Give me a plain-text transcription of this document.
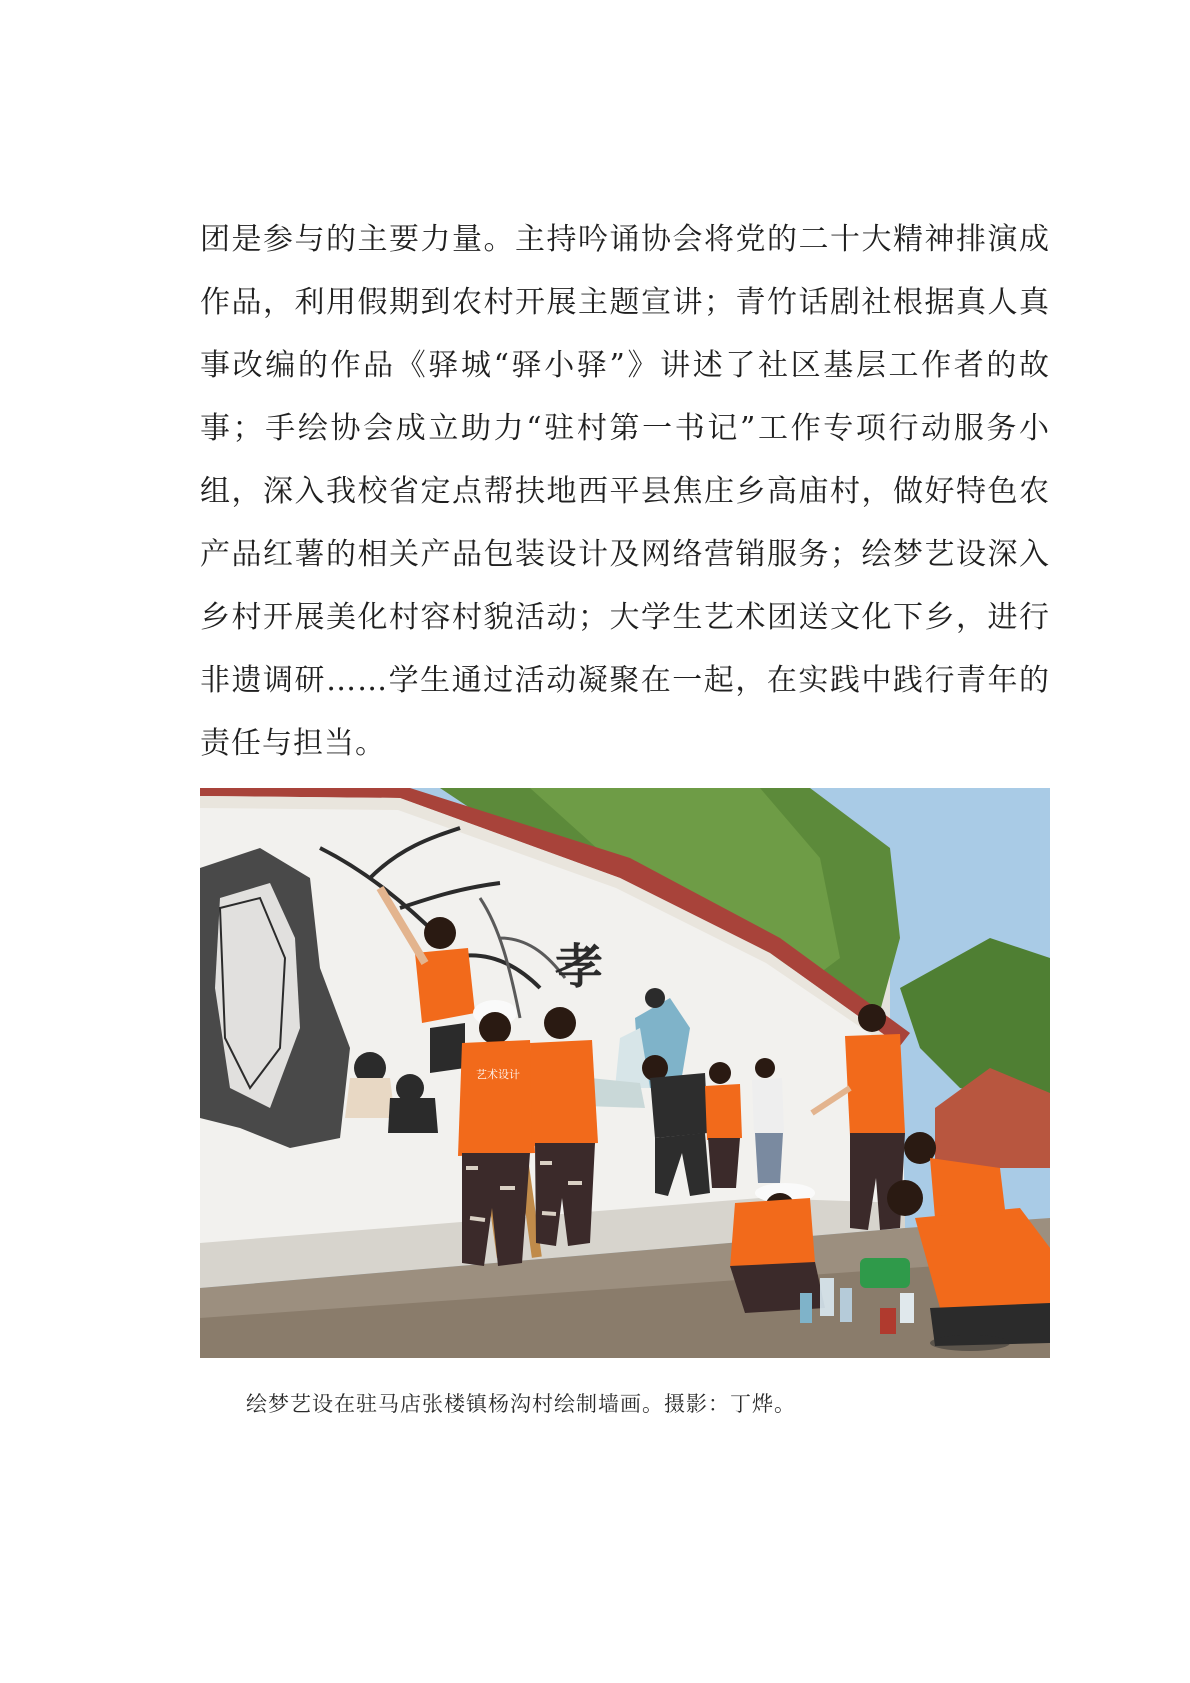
团是参与的主要力量。主持吟诵协会将党的二十大精神排演成
作品，利用假期到农村开展主题宣讲；青竹话剧社根据真人真
事改编的作品《驿城“驿小驿”》讲述了社区基层工作者的故
事；手绘协会成立助力“驻村第一书记”工作专项行动服务小
组，深入我校省定点帮扶地西平县焦庄乡高庙村，做好特色农
产品红薯的相关产品包装设计及网络营销服务；绘梦艺设深入
乡村开展美化村容村貌活动；大学生艺术团送文化下乡，进行
非遗调研……学生通过活动凝聚在一起，在实践中践行青年的
责任与担当。
孝
艺术设计
绘梦艺设在驻马店张楼镇杨沟村绘制墙画。摄影：丁烨。
